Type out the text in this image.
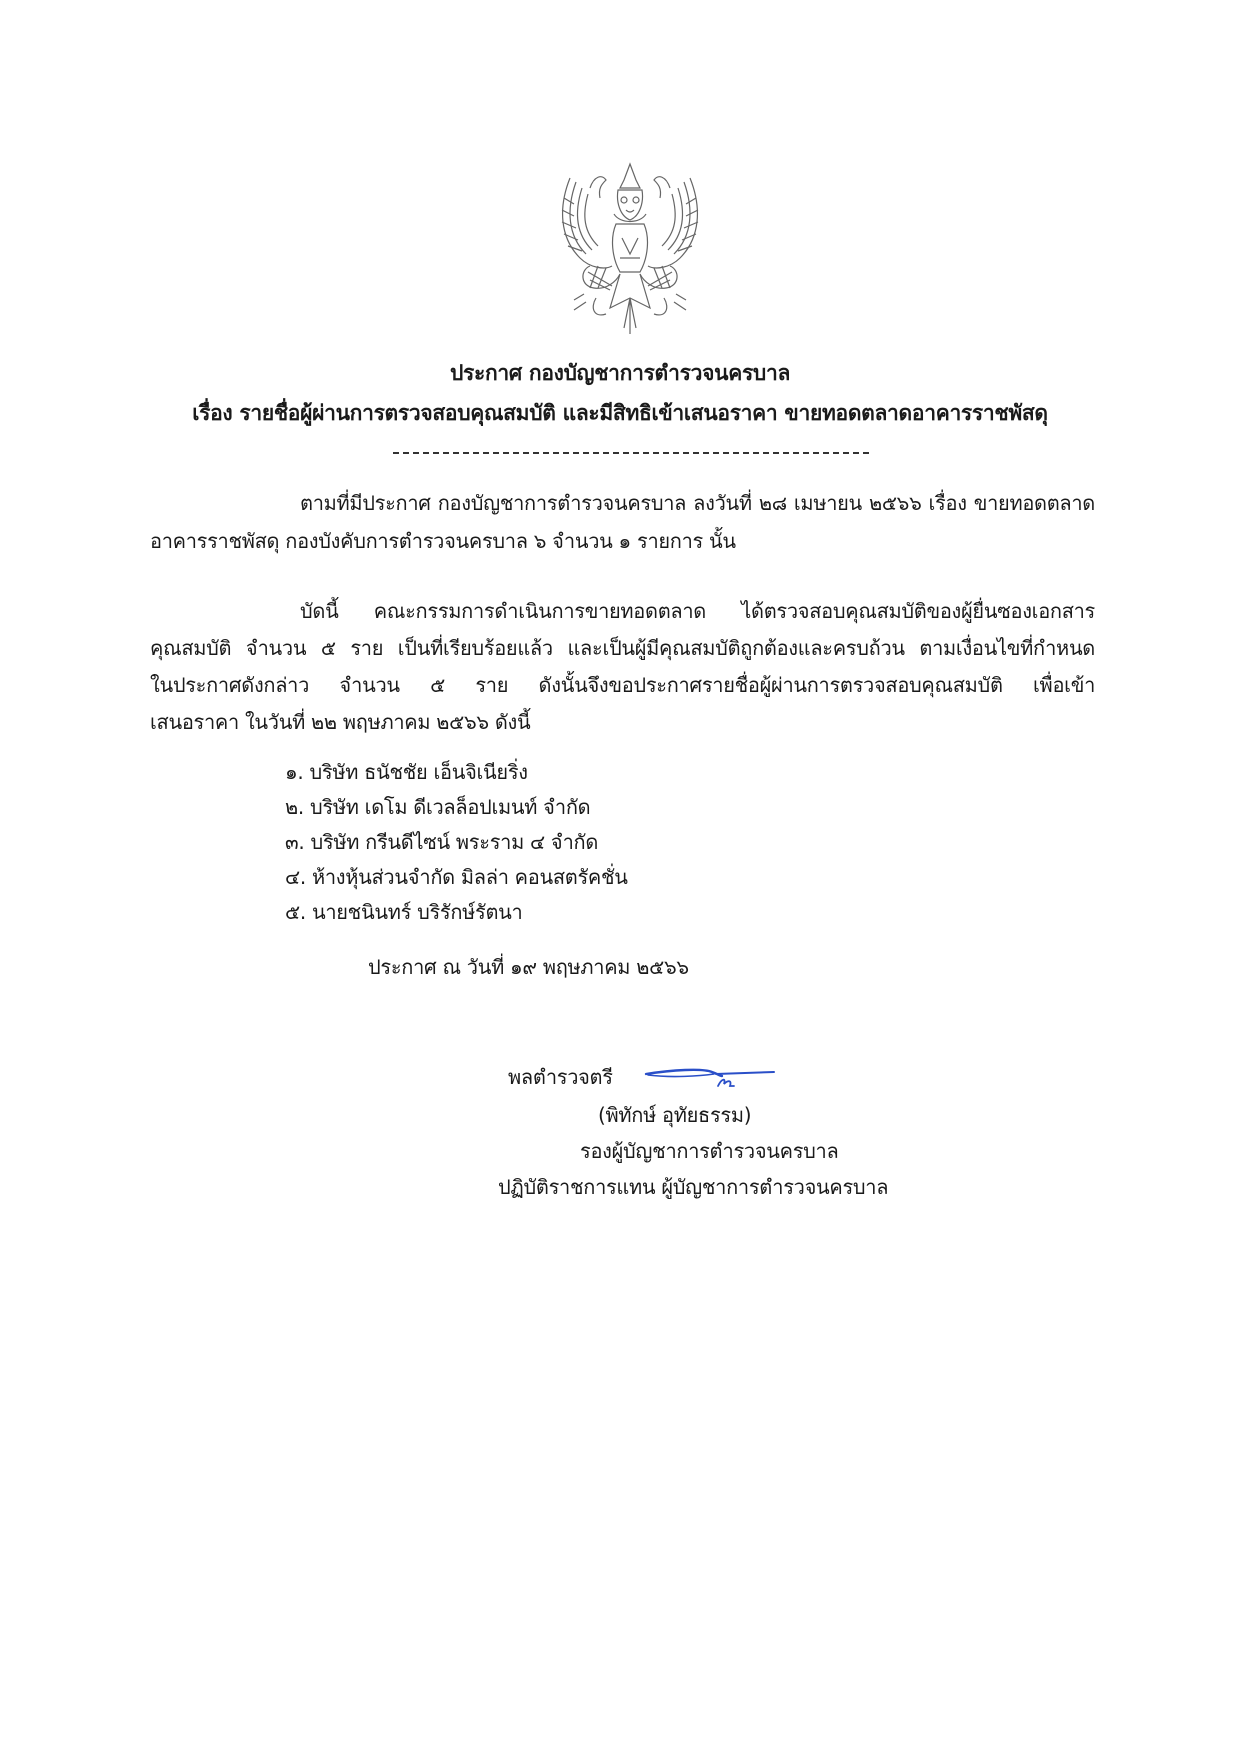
ประกาศ กองบัญชาการตำรวจนครบาล
เรื่อง รายชื่อผู้ผ่านการตรวจสอบคุณสมบัติ และมีสิทธิเข้าเสนอราคา ขายทอดตลาดอาคารราชพัสดุ
ตามที่มีประกาศ กองบัญชาการตำรวจนครบาล ลงวันที่ ๒๘ เมษายน ๒๕๖๖ เรื่อง ขายทอดตลาด
อาคารราชพัสดุ กองบังคับการตำรวจนครบาล ๖ จำนวน ๑ รายการ นั้น
บัดนี้ คณะกรรมการดำเนินการขายทอดตลาด ได้ตรวจสอบคุณสมบัติของผู้ยื่นซองเอกสาร
คุณสมบัติ จำนวน ๕ ราย เป็นที่เรียบร้อยแล้ว และเป็นผู้มีคุณสมบัติถูกต้องและครบถ้วน ตามเงื่อนไขที่กำหนด
ในประกาศดังกล่าว จำนวน ๕ ราย ดังนั้นจึงขอประกาศรายชื่อผู้ผ่านการตรวจสอบคุณสมบัติ เพื่อเข้า
เสนอราคา ในวันที่ ๒๒ พฤษภาคม ๒๕๖๖ ดังนี้
๑. บริษัท ธนัชชัย เอ็นจิเนียริ่ง
๒. บริษัท เดโม ดีเวลล็อปเมนท์ จำกัด
๓. บริษัท กรีนดีไซน์ พระราม ๔ จำกัด
๔. ห้างหุ้นส่วนจำกัด มิลล่า คอนสตรัคชั่น
๕. นายชนินทร์ บริรักษ์รัตนา
ประกาศ ณ วันที่ ๑๙ พฤษภาคม ๒๕๖๖
พลตำรวจตรี
(พิทักษ์ อุทัยธรรม)
รองผู้บัญชาการตำรวจนครบาล
ปฏิบัติราชการแทน ผู้บัญชาการตำรวจนครบาล
